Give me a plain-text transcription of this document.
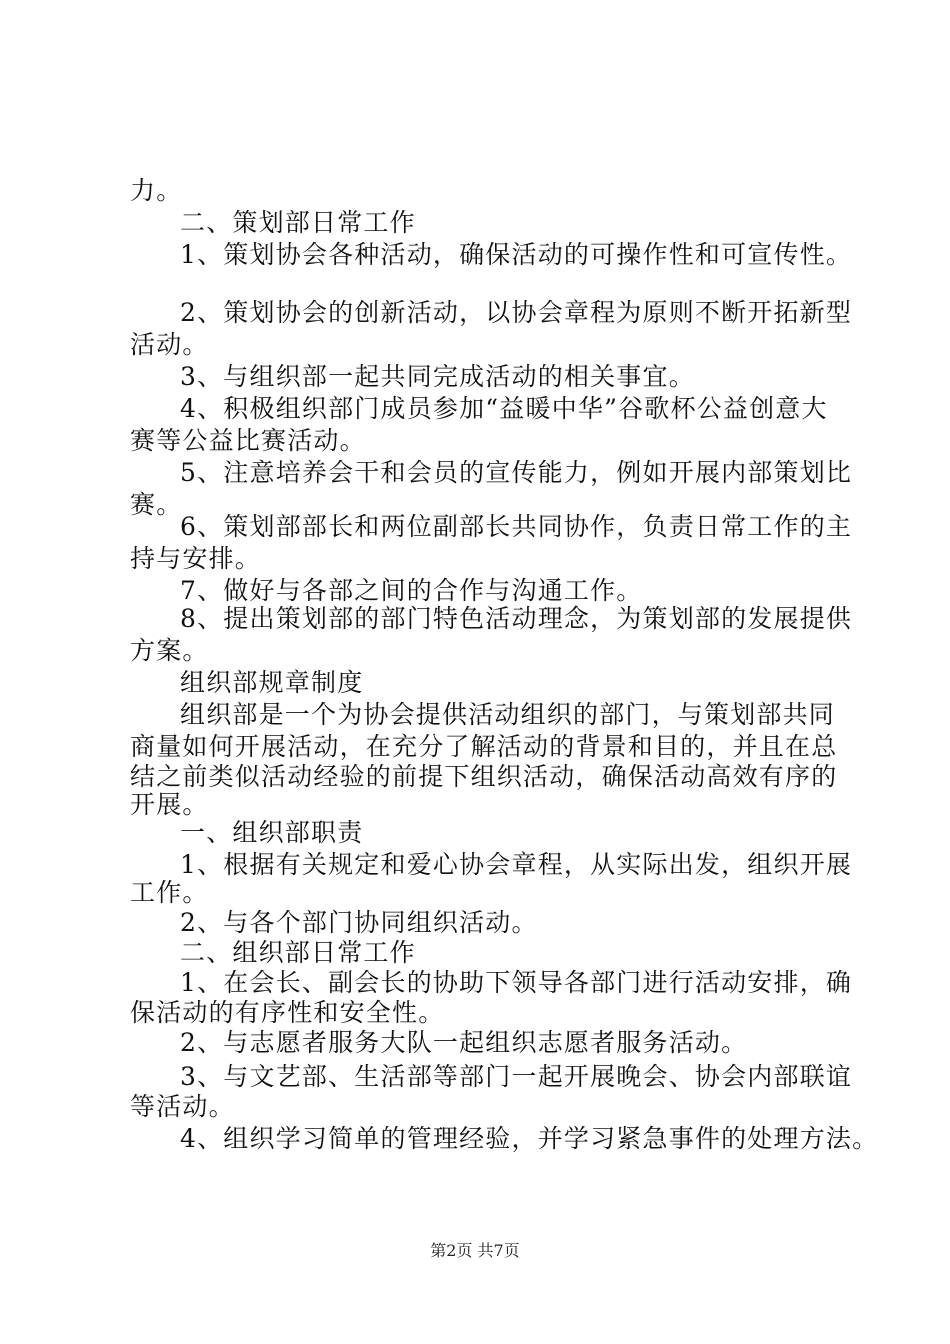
力。
二、策划部日常工作
1、策划协会各种活动，确保活动的可操作性和可宣传性。
2、策划协会的创新活动，以协会章程为原则不断开拓新型
活动。
3、与组织部一起共同完成活动的相关事宜。
4、积极组织部门成员参加“益暖中华”谷歌杯公益创意大
赛等公益比赛活动。
5、注意培养会干和会员的宣传能力，例如开展内部策划比
赛。
6、策划部部长和两位副部长共同协作，负责日常工作的主
持与安排。
7、做好与各部之间的合作与沟通工作。
8、提出策划部的部门特色活动理念，为策划部的发展提供
方案。
组织部规章制度
组织部是一个为协会提供活动组织的部门，与策划部共同
商量如何开展活动，在充分了解活动的背景和目的，并且在总
结之前类似活动经验的前提下组织活动，确保活动高效有序的
开展。
一、组织部职责
1、根据有关规定和爱心协会章程，从实际出发，组织开展
工作。
2、与各个部门协同组织活动。
二、组织部日常工作
1、在会长、副会长的协助下领导各部门进行活动安排，确
保活动的有序性和安全性。
2、与志愿者服务大队一起组织志愿者服务活动。
3、与文艺部、生活部等部门一起开展晚会、协会内部联谊
等活动。
4、组织学习简单的管理经验，并学习紧急事件的处理方法。
第2页 共7页
